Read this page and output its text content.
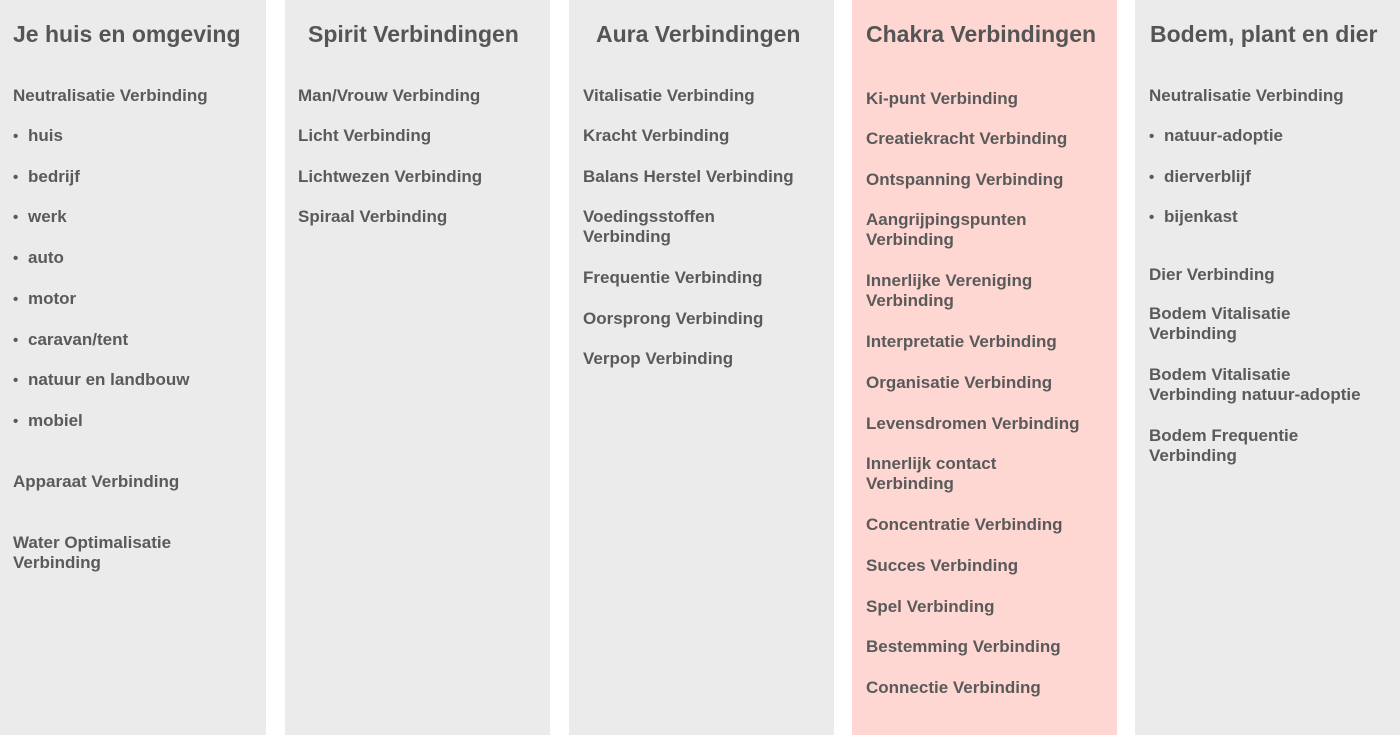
Je huis en omgeving
Neutralisatie Verbinding
• huis
• bedrijf
• werk
• auto
• motor
• caravan/tent
• natuur en landbouw
• mobiel
Apparaat Verbinding
Water Optimalisatie
Verbinding
Spirit Verbindingen
Man/Vrouw Verbinding
Licht Verbinding
Lichtwezen Verbinding
Spiraal Verbinding
Aura Verbindingen
Vitalisatie Verbinding
Kracht Verbinding
Balans Herstel Verbinding
Voedingsstoffen
Verbinding
Frequentie Verbinding
Oorsprong Verbinding
Verpop Verbinding
Chakra Verbindingen
Ki-punt Verbinding
Creatiekracht Verbinding
Ontspanning Verbinding
Aangrijpingspunten
Verbinding
Innerlijke Vereniging
Verbinding
Interpretatie Verbinding
Organisatie Verbinding
Levensdromen Verbinding
Innerlijk contact
Verbinding
Concentratie Verbinding
Succes Verbinding
Spel Verbinding
Bestemming Verbinding
Connectie Verbinding
Bodem, plant en dier
Neutralisatie Verbinding
• natuur-adoptie
• dierverblijf
• bijenkast
Dier Verbinding
Bodem Vitalisatie
Verbinding
Bodem Vitalisatie
Verbinding natuur-adoptie
Bodem Frequentie
Verbinding
